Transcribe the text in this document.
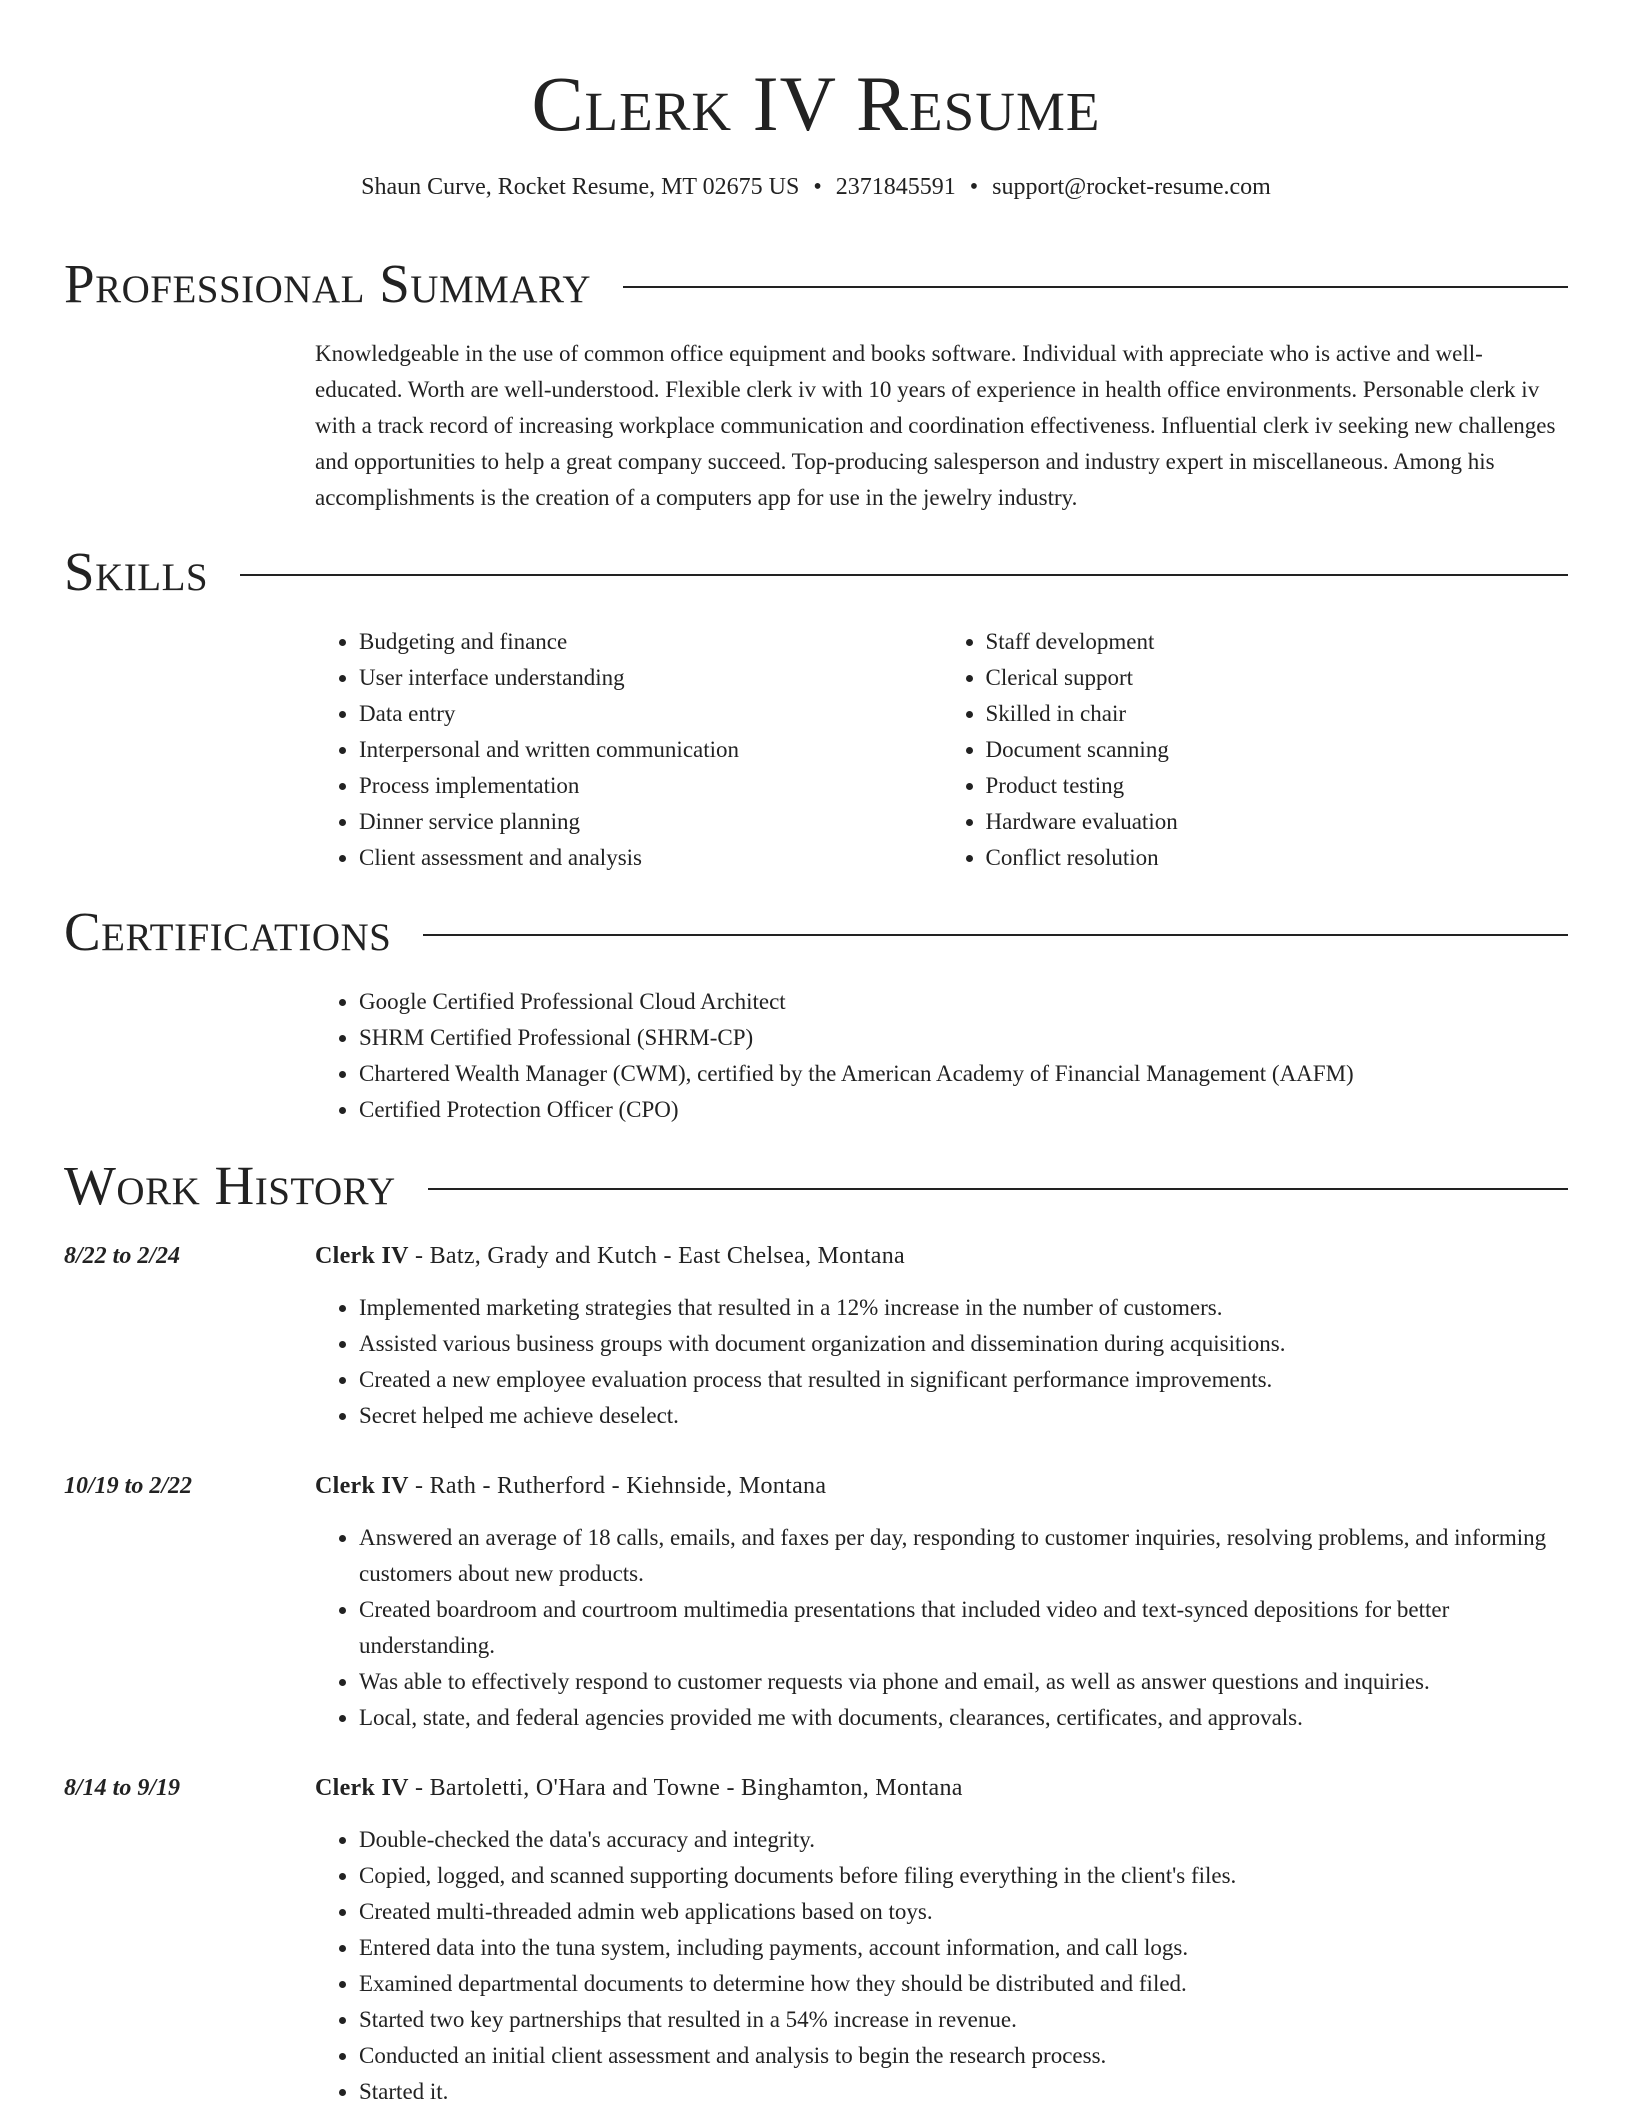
Clerk IV Resume
Shaun Curve, Rocket Resume, MT 02675 US • 2371845591 • support@rocket-resume.com
Professional Summary

Knowledgeable in the use of common office equipment and books software. Individual with appreciate who is active and well-educated. Worth are well-understood. Flexible clerk iv with 10 years of experience in health office environments. Personable clerk iv with a track record of increasing workplace communication and coordination effectiveness. Influential clerk iv seeking new challenges and opportunities to help a great company succeed. Top-producing salesperson and industry expert in miscellaneous. Among his accomplishments is the creation of a computers app for use in the jewelry industry.

Skills
• Budgeting and finance
• User interface understanding
• Data entry
• Interpersonal and written communication
• Process implementation
• Dinner service planning
• Client assessment and analysis
• Staff development
• Clerical support
• Skilled in chair
• Document scanning
• Product testing
• Hardware evaluation
• Conflict resolution
Certifications
• Google Certified Professional Cloud Architect
• SHRM Certified Professional (SHRM-CP)
• Chartered Wealth Manager (CWM), certified by the American Academy of Financial Management (AAFM)
• Certified Protection Officer (CPO)
Work History
8/22 to 2/24	Clerk IV - Batz, Grady and Kutch - East Chelsea, Montana
• Implemented marketing strategies that resulted in a 12% increase in the number of customers.
• Assisted various business groups with document organization and dissemination during acquisitions.
• Created a new employee evaluation process that resulted in significant performance improvements.
• Secret helped me achieve deselect.
10/19 to 2/22	Clerk IV - Rath - Rutherford - Kiehnside, Montana
• Answered an average of 18 calls, emails, and faxes per day, responding to customer inquiries, resolving problems, and informing customers about new products.
• Created boardroom and courtroom multimedia presentations that included video and text-synced depositions for better understanding.
• Was able to effectively respond to customer requests via phone and email, as well as answer questions and inquiries.
• Local, state, and federal agencies provided me with documents, clearances, certificates, and approvals.
8/14 to 9/19	Clerk IV - Bartoletti, O'Hara and Towne - Binghamton, Montana
• Double-checked the data's accuracy and integrity.
• Copied, logged, and scanned supporting documents before filing everything in the client's files.
• Created multi-threaded admin web applications based on toys.
• Entered data into the tuna system, including payments, account information, and call logs.
• Examined departmental documents to determine how they should be distributed and filed.
• Started two key partnerships that resulted in a 54% increase in revenue.
• Conducted an initial client assessment and analysis to begin the research process.
• Started it.
